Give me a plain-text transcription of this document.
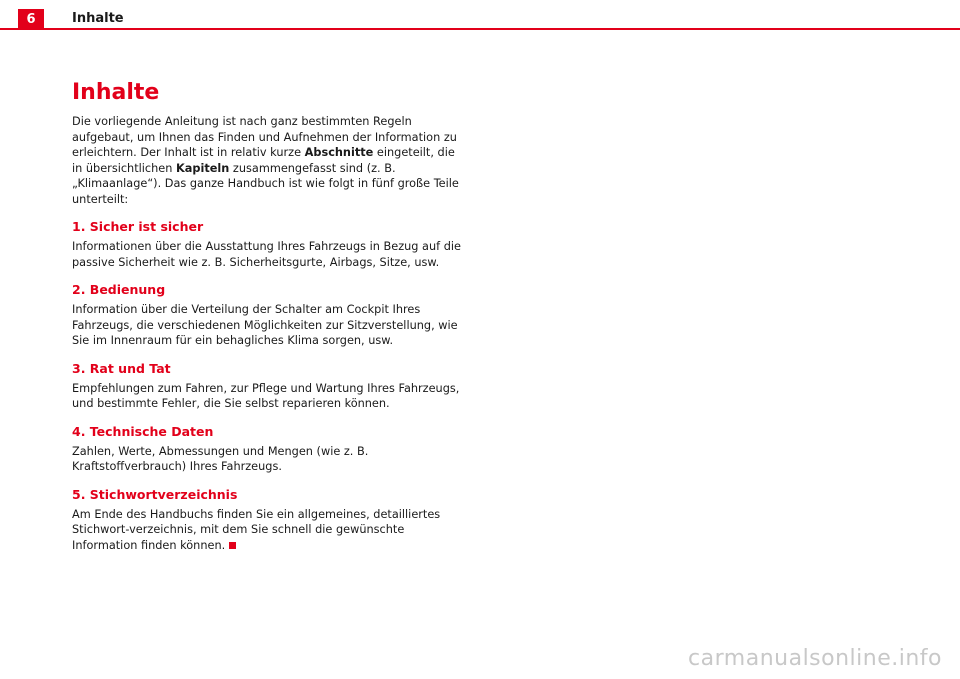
6	Inhalte
Inhalte

Die vorliegende Anleitung ist nach ganz bestimmten Regeln aufgebaut, um Ihnen das Finden und Aufnehmen der Information zu erleichtern. Der Inhalt ist in relativ kurze Abschnitte eingeteilt, die in übersichtlichen Kapiteln zusammengefasst sind (z. B. „Klimaanlage“). Das ganze Handbuch ist wie folgt in fünf große Teile unterteilt:

1. Sicher ist sicher

Informationen über die Ausstattung Ihres Fahrzeugs in Bezug auf die passive Sicherheit wie z. B. Sicherheitsgurte, Airbags, Sitze, usw.

2. Bedienung

Information über die Verteilung der Schalter am Cockpit Ihres Fahrzeugs, die verschiedenen Möglichkeiten zur Sitzverstellung, wie Sie im Innenraum für ein behagliches Klima sorgen, usw.

3. Rat und Tat

Empfehlungen zum Fahren, zur Pflege und Wartung Ihres Fahrzeugs, und bestimmte Fehler, die Sie selbst reparieren können.

4. Technische Daten

Zahlen, Werte, Abmessungen und Mengen (wie z. B. Kraftstoffverbrauch) Ihres Fahrzeugs.

5. Stichwortverzeichnis

Am Ende des Handbuchs finden Sie ein allgemeines, detailliertes Stichwort-verzeichnis, mit dem Sie schnell die gewünschte Information finden können.

carmanualsonline.info
